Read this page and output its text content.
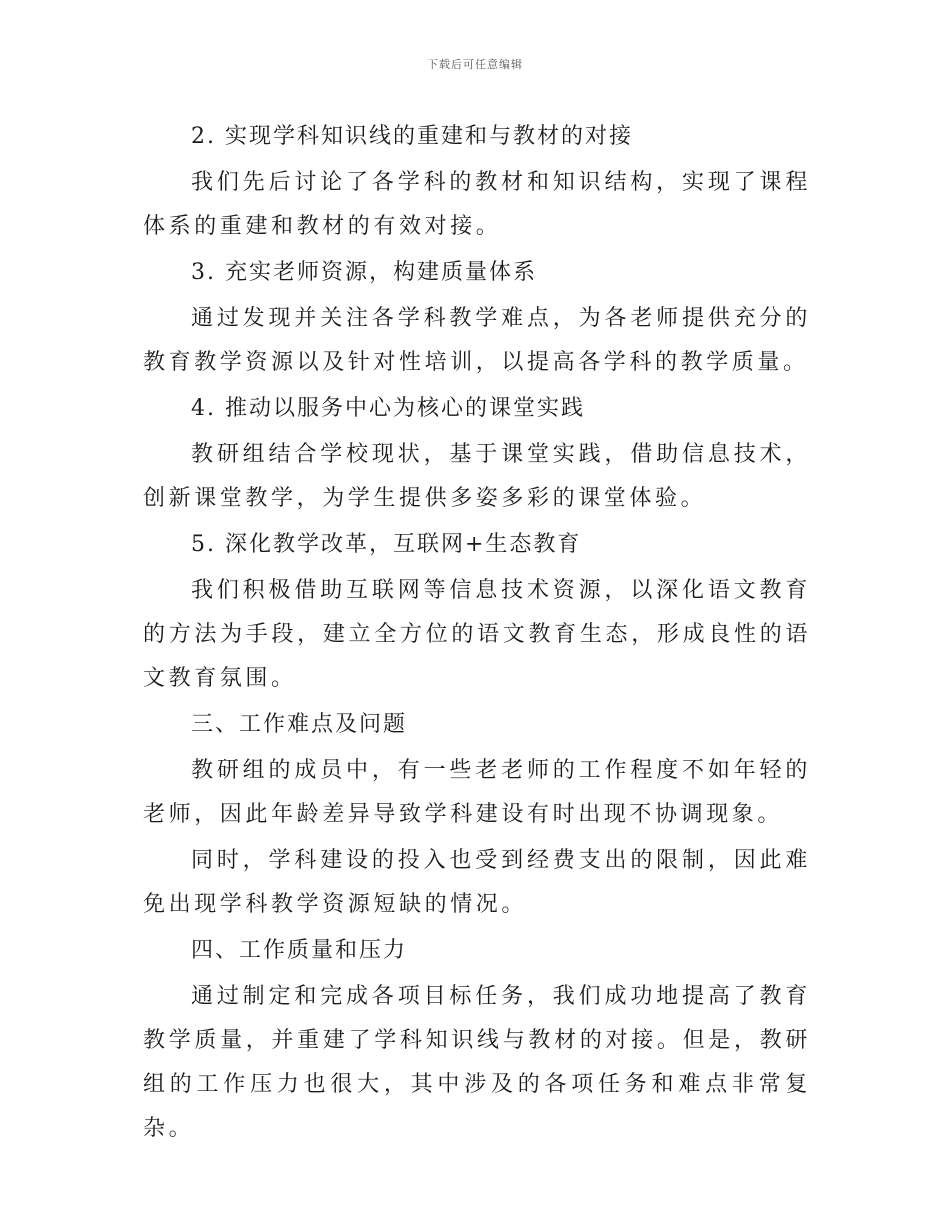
下载后可任意编辑

2. 实现学科知识线的重建和与教材的对接

我们先后讨论了各学科的教材和知识结构，实现了课程体系的重建和教材的有效对接。

3. 充实老师资源，构建质量体系

通过发现并关注各学科教学难点，为各老师提供充分的教育教学资源以及针对性培训，以提高各学科的教学质量。

4. 推动以服务中心为核心的课堂实践

教研组结合学校现状，基于课堂实践，借助信息技术，创新课堂教学，为学生提供多姿多彩的课堂体验。

5. 深化教学改革，互联网+生态教育

我们积极借助互联网等信息技术资源，以深化语文教育的方法为手段，建立全方位的语文教育生态，形成良性的语文教育氛围。

三、工作难点及问题

教研组的成员中，有一些老老师的工作程度不如年轻的老师，因此年龄差异导致学科建设有时出现不协调现象。

同时，学科建设的投入也受到经费支出的限制，因此难免出现学科教学资源短缺的情况。

四、工作质量和压力

通过制定和完成各项目标任务，我们成功地提高了教育教学质量，并重建了学科知识线与教材的对接。但是，教研组的工作压力也很大，其中涉及的各项任务和难点非常复杂。
